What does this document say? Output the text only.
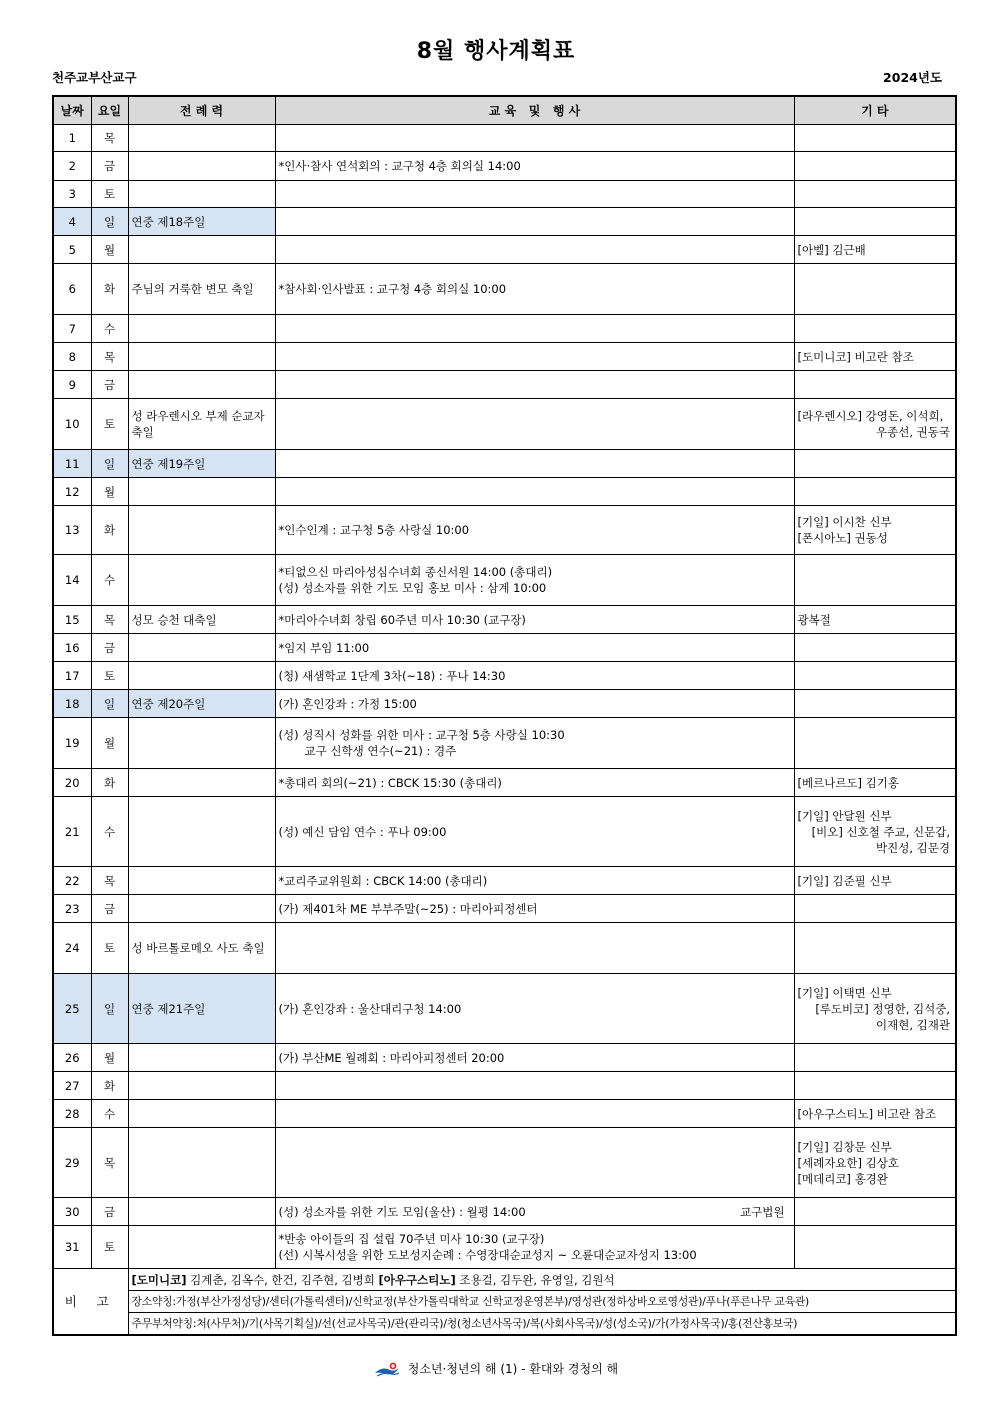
8월 행사계획표
천주교부산교구	2024년도
날짜	요일	전 례 력	교 육   및   행 사	기 타
1	목			
2	금		*인사·참사 연석회의 : 교구청 4층 회의실 14:00	

3	토			
4	일	연중 제18주일		
5	월			[아벨] 김근배

6	화	주님의 거룩한 변모 축일	*참사회·인사발표 : 교구청 4층 회의실 10:00	

7	수			
8	목			[도미니코] 비고란 참조

9	금			
10	토	성 라우렌시오 부제 순교자 축일		[라우렌시오] 강영돈, 이석희,
우종선, 권동국

11	일	연중 제19주일		
12	월			
13	화		*인수인계 : 교구청 5층 사랑실 10:00	[기일] 이시찬 신부
[폰시아노] 권동성

14	수		*티없으신 마리아성심수녀회 종신서원 14:00 (총대리)
(성) 성소자를 위한 기도 모임 홍보 미사 : 삼계 10:00	

15	목	성모 승천 대축일	*마리아수녀회 창립 60주년 미사 10:30 (교구장)	광복절

16	금		*임지 부임 11:00	

17	토		(청) 새샘학교 1단계 3차(~18) : 푸나 14:30	

18	일	연중 제20주일	(가) 혼인강좌 : 가정 15:00	

19	월		(성) 성직시 성화를 위한 미사 : 교구청 5층 사랑실 10:30
교구 신학생 연수(~21) : 경주	

20	화		*총대리 회의(~21) : CBCK 15:30 (총대리)	[베르나르도] 김기홍

21	수		(성) 예신 담임 연수 : 푸나 09:00	[기일] 안달원 신부
[비오] 신호철 주교, 신문갑,
박진성, 김문경

22	목		*교리주교위원회 : CBCK 14:00 (총대리)	[기일] 김준필 신부

23	금		(가) 제401차 ME 부부주말(~25) : 마리아피정센터	

24	토	성 바르톨로메오 사도 축일		
25	일	연중 제21주일	(가) 혼인강좌 : 울산대리구청 14:00	[기일] 이택면 신부
[루도비코] 정영한, 김석중,
이재현, 김재관

26	월		(가) 부산ME 월례회 : 마리아피정센터 20:00	

27	화			
28	수			[아우구스티노] 비고란 참조

29	목			[기일] 김창문 신부
[세례자요한] 김상호
[메데리코] 홍경완

30	금		(성) 성소자를 위한 기도 모임(울산) : 월평 14:00 교구법원	

31	토		*반송 아이들의 집 설립 70주년 미사 10:30 (교구장)
(선) 시복시성을 위한 도보성지순례 : 수영장대순교성지 ~ 오륜대순교자성지 13:00	

비 고		[도미니코] 김계춘, 김옥수, 한건, 김주현, 김병희 [아우구스티노] 조용걸, 김두완, 유영일, 김원석		
		장소약칭:가정(부산가정성당)/센터(가톨릭센터)/신학교정(부산가톨릭대학교 신학교정운영본부)/영성관(정하상바오로영성관)/푸나(푸른나무 교육관)		
		주무부처약칭:처(사무처)/기(사목기획실)/선(선교사목국)/관(관리국)/청(청소년사목국)/복(사회사목국)/성(성소국)/가(가정사목국)/홍(전산홍보국)		
청소년·청년의 해 (1) - 환대와 경청의 해
